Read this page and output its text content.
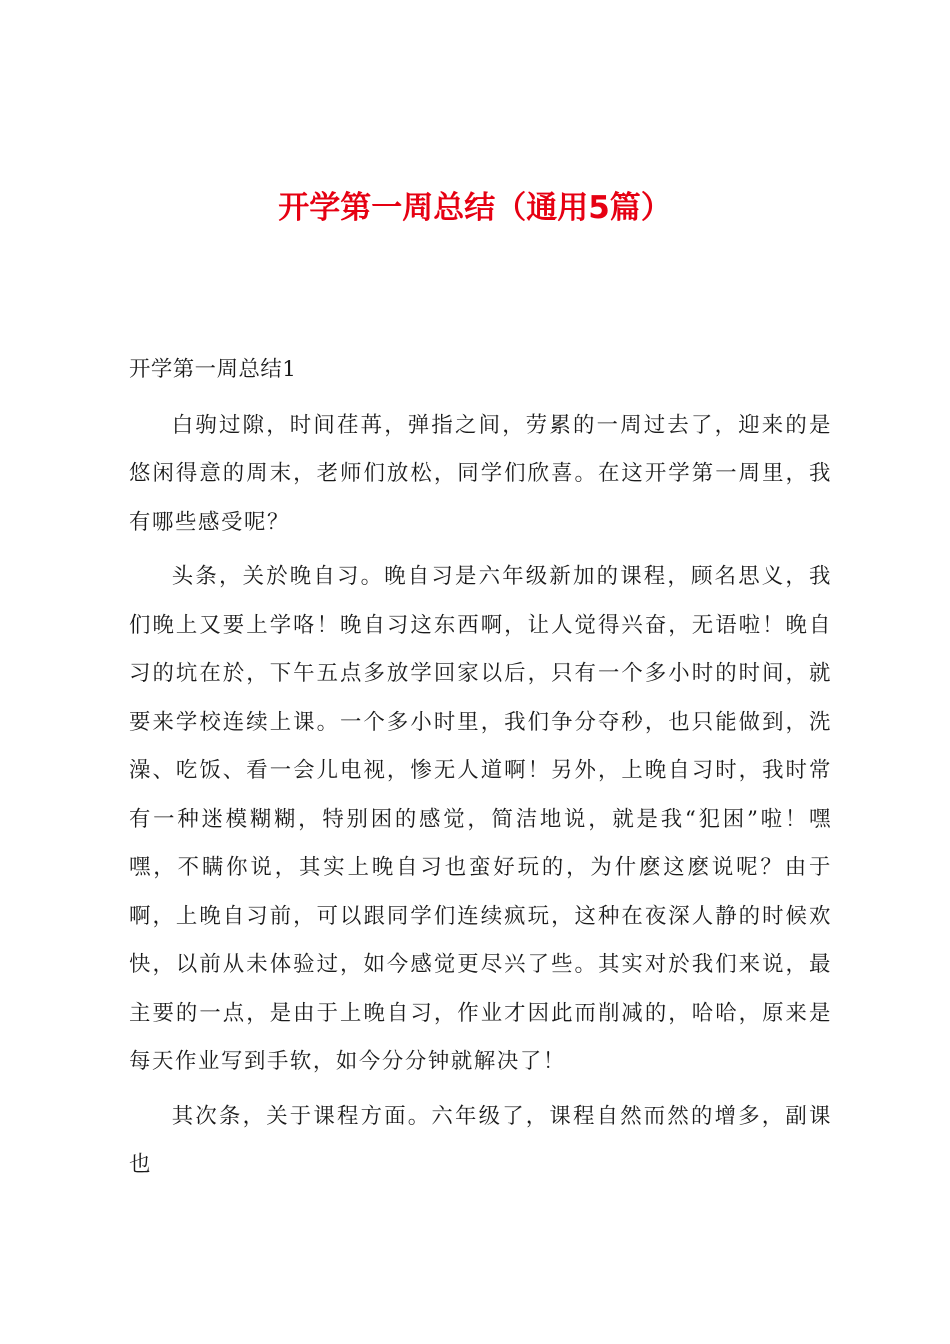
开学第一周总结（通用5篇）

开学第一周总结1

白驹过隙，时间荏苒，弹指之间，劳累的一周过去了，迎来的是悠闲得意的周末，老师们放松，同学们欣喜。在这开学第一周里，我有哪些感受呢？

头条，关於晚自习。晚自习是六年级新加的课程，顾名思义，我们晚上又要上学咯！晚自习这东西啊，让人觉得兴奋，无语啦！晚自习的坑在於，下午五点多放学回家以后，只有一个多小时的时间，就要来学校连续上课。一个多小时里，我们争分夺秒，也只能做到，洗澡、吃饭、看一会儿电视，惨无人道啊！另外，上晚自习时，我时常有一种迷模糊糊，特别困的感觉，简洁地说，就是我“犯困”啦！嘿嘿，不瞒你说，其实上晚自习也蛮好玩的，为什麽这麽说呢？由于啊，上晚自习前，可以跟同学们连续疯玩，这种在夜深人静的时候欢快，以前从未体验过，如今感觉更尽兴了些。其实对於我们来说，最主要的一点，是由于上晚自习，作业才因此而削减的，哈哈，原来是每天作业写到手软，如今分分钟就解决了！

其次条，关于课程方面。六年级了，课程自然而然的增多，副课也
